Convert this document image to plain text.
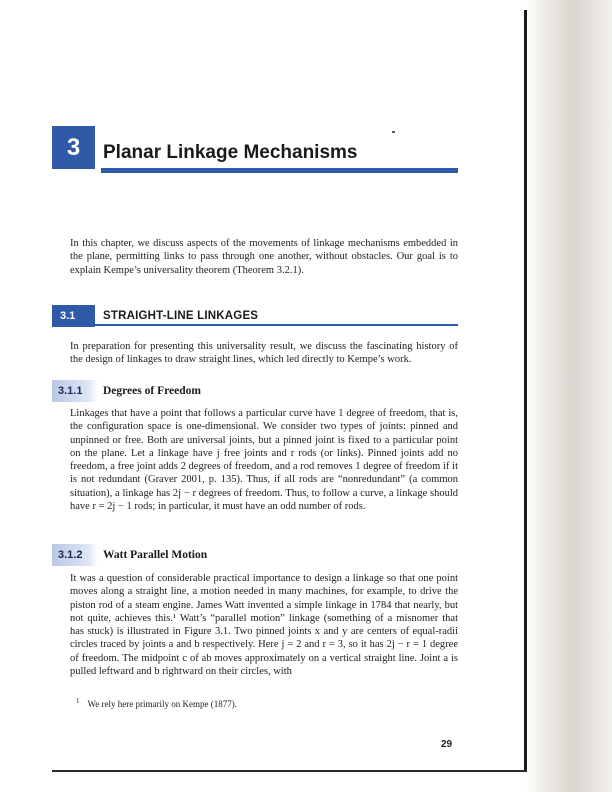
3	Planar Linkage Mechanisms

In this chapter, we discuss aspects of the movements of linkage mechanisms embedded in the plane, permitting links to pass through one another, without obstacles. Our goal is to explain Kempe’s universality theorem (Theorem 3.2.1).

3.1	STRAIGHT-LINE LINKAGES

In preparation for presenting this universality result, we discuss the fascinating history of the design of linkages to draw straight lines, which led directly to Kempe’s work.

3.1.1	Degrees of Freedom

Linkages that have a point that follows a particular curve have 1 degree of freedom, that is, the configuration space is one-dimensional. We consider two types of joints: pinned and unpinned or free. Both are universal joints, but a pinned joint is fixed to a particular point on the plane. Let a linkage have j free joints and r rods (or links). Pinned joints add no freedom, a free joint adds 2 degrees of freedom, and a rod removes 1 degree of freedom if it is not redundant (Graver 2001, p. 135). Thus, if all rods are “nonredundant” (a common situation), a linkage has 2j − r degrees of freedom. Thus, to follow a curve, a linkage should have r = 2j − 1 rods; in particular, it must have an odd number of rods.

3.1.2	Watt Parallel Motion

It was a question of considerable practical importance to design a linkage so that one point moves along a straight line, a motion needed in many machines, for example, to drive the piston rod of a steam engine. James Watt invented a simple linkage in 1784 that nearly, but not quite, achieves this.¹ Watt’s “parallel motion” linkage (something of a misnomer that has stuck) is illustrated in Figure 3.1. Two pinned joints x and y are centers of equal-radii circles traced by joints a and b respectively. Here j = 2 and r = 3, so it has 2j − r = 1 degree of freedom. The midpoint c of ab moves approximately on a vertical straight line. Joint a is pulled leftward and b rightward on their circles, with

$^1$ We rely here primarily on Kempe (1877).
29
